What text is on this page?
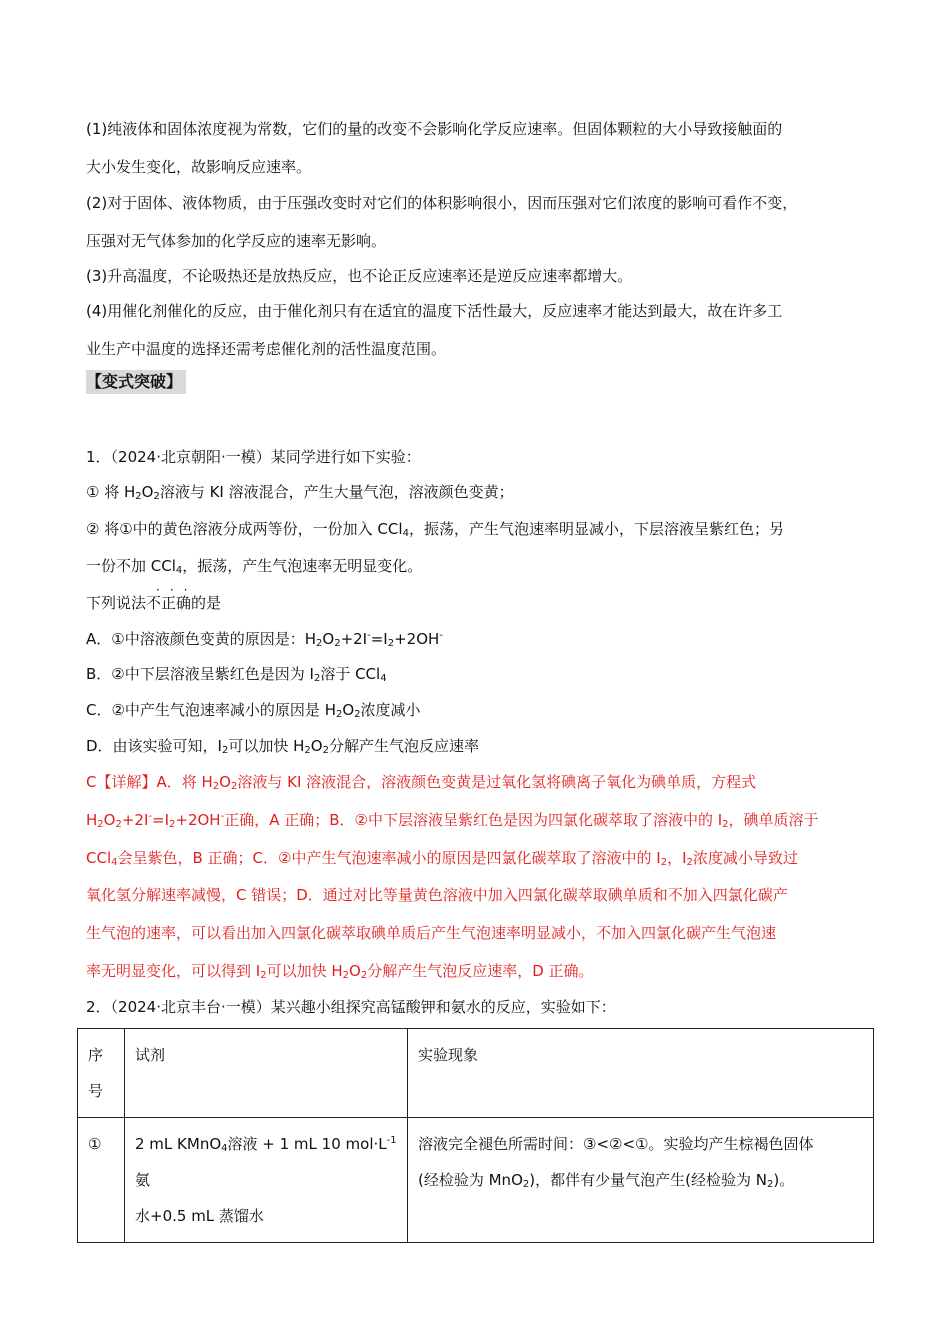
(1)纯液体和固体浓度视为常数，它们的量的改变不会影响化学反应速率。但固体颗粒的大小导致接触面的
大小发生变化，故影响反应速率。
(2)对于固体、液体物质，由于压强改变时对它们的体积影响很小，因而压强对它们浓度的影响可看作不变，
压强对无气体参加的化学反应的速率无影响。
(3)升高温度，不论吸热还是放热反应，也不论正反应速率还是逆反应速率都增大。
(4)用催化剂催化的反应，由于催化剂只有在适宜的温度下活性最大，反应速率才能达到最大，故在许多工
业生产中温度的选择还需考虑催化剂的活性温度范围。
【变式突破】
1．（2024·北京朝阳·一模）某同学进行如下实验：
① 将 $H_2O_2$溶液与 KI 溶液混合，产生大量气泡，溶液颜色变黄；
② 将①中的黄色溶液分成两等份，一份加入 CCl$_4$，振荡，产生气泡速率明显减小，下层溶液呈紫红色；另
一份不加 CCl$_4$，振荡，产生气泡速率无明显变化。
···
下列说法不正确的是
A．①中溶液颜色变黄的原因是：$H_2O_2+2I^-=I_2+2OH^-$
B．②中下层溶液呈紫红色是因为 $I_2$溶于 CCl$_4$
C．②中产生气泡速率减小的原因是 $H_2O_2$浓度减小
D．由该实验可知，$I_2$可以加快 $H_2O_2$分解产生气泡反应速率
C【详解】A．将 $H_2O_2$溶液与 KI 溶液混合，溶液颜色变黄是过氧化氢将碘离子氧化为碘单质，方程式
$H_2O_2+2I^-=I_2+2OH^-$正确，A 正确；B．②中下层溶液呈紫红色是因为四氯化碳萃取了溶液中的 $I_2$，碘单质溶于
CCl$_4$会呈紫色，B 正确；C．②中产生气泡速率减小的原因是四氯化碳萃取了溶液中的 $I_2$，$I_2$浓度减小导致过
氧化氢分解速率减慢，C 错误；D．通过对比等量黄色溶液中加入四氯化碳萃取碘单质和不加入四氯化碳产
生气泡的速率，可以看出加入四氯化碳萃取碘单质后产生气泡速率明显减小，不加入四氯化碳产生气泡速
率无明显变化，可以得到 $I_2$可以加快 $H_2O_2$分解产生气泡反应速率，D 正确。
2．（2024·北京丰台·一模）某兴趣小组探究高锰酸钾和氨水的反应，实验如下：
序号	试剂	实验现象
①	2 mL KMnO$_4$溶液 + 1 mL 10 $mol\cdot L^{-1}$氨
水+0.5 mL 蒸馏水	溶液完全褪色所需时间：③<②<①。实验均产生棕褐色固体
(经检验为 MnO$_2$)，都伴有少量气泡产生(经检验为 $N_2$)。
